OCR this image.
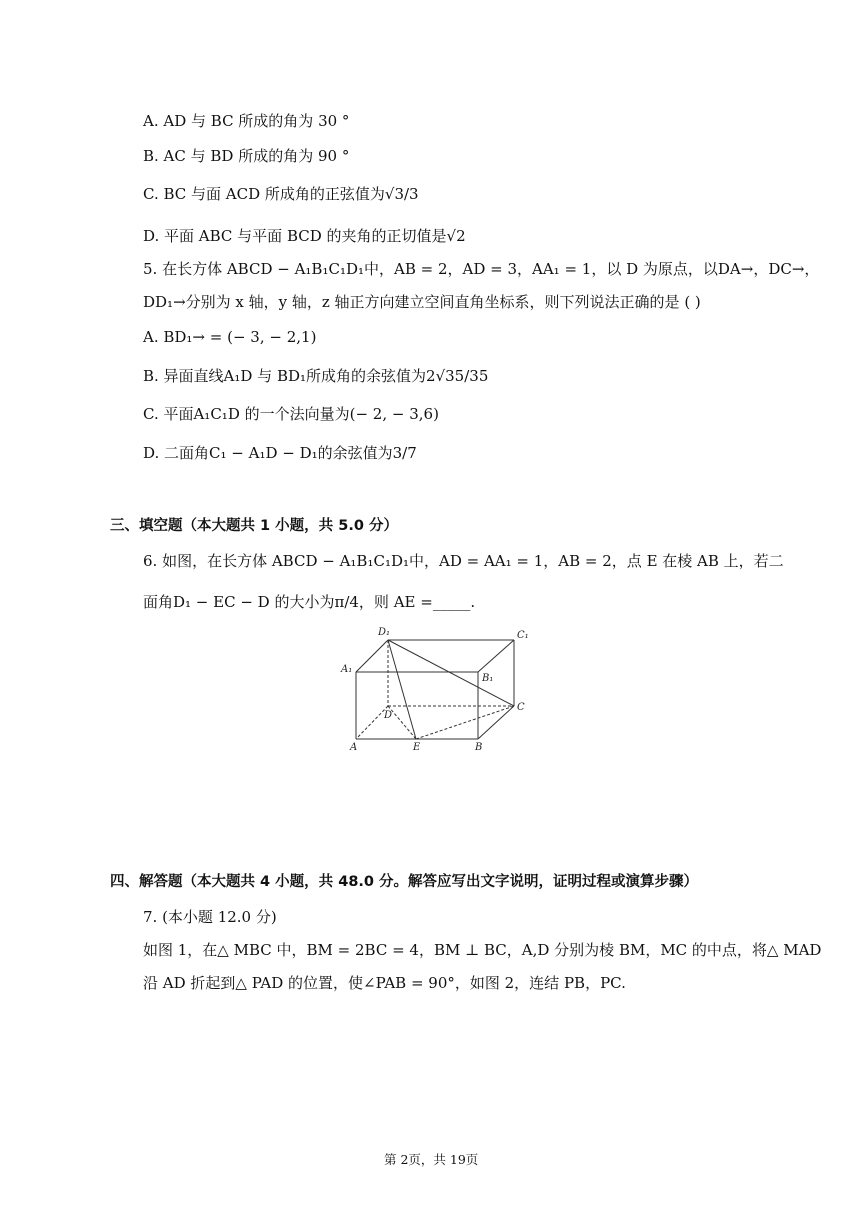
A. AD 与 BC 所成的角为 30 °
B. AC 与 BD 所成的角为 90 °
C. BC 与面 ACD 所成角的正弦值为√3/3
D. 平面 ABC 与平面 BCD 的夹角的正切值是√2
5. 在长方体 ABCD − A₁B₁C₁D₁中，AB = 2，AD = 3，AA₁ = 1，以 D 为原点，以DA→，DC→，
DD₁→分别为 x 轴，y 轴，z 轴正方向建立空间直角坐标系，则下列说法正确的是 ( )
A. BD₁→ = (− 3, − 2,1)
B. 异面直线A₁D 与 BD₁所成角的余弦值为2√35/35
C. 平面A₁C₁D 的一个法向量为(− 2, − 3,6)
D. 二面角C₁ − A₁D − D₁的余弦值为3/7
三、填空题（本大题共 1 小题，共 5.0 分）
6. 如图，在长方体 ABCD − A₁B₁C₁D₁中，AD = AA₁ = 1，AB = 2，点 E 在棱 AB 上，若二
面角D₁ − EC − D 的大小为π/4，则 AE =_____.
D₁	C₁
A₁
B₁
D
C
A	E	B
四、解答题（本大题共 4 小题，共 48.0 分。解答应写出文字说明，证明过程或演算步骤）
7. (本小题 12.0 分)
如图 1，在△ MBC 中，BM = 2BC = 4，BM ⊥ BC，A,D 分别为棱 BM，MC 的中点，将△ MAD
沿 AD 折起到△ PAD 的位置，使∠PAB = 90°，如图 2，连结 PB，PC.
第 2页，共 19页
